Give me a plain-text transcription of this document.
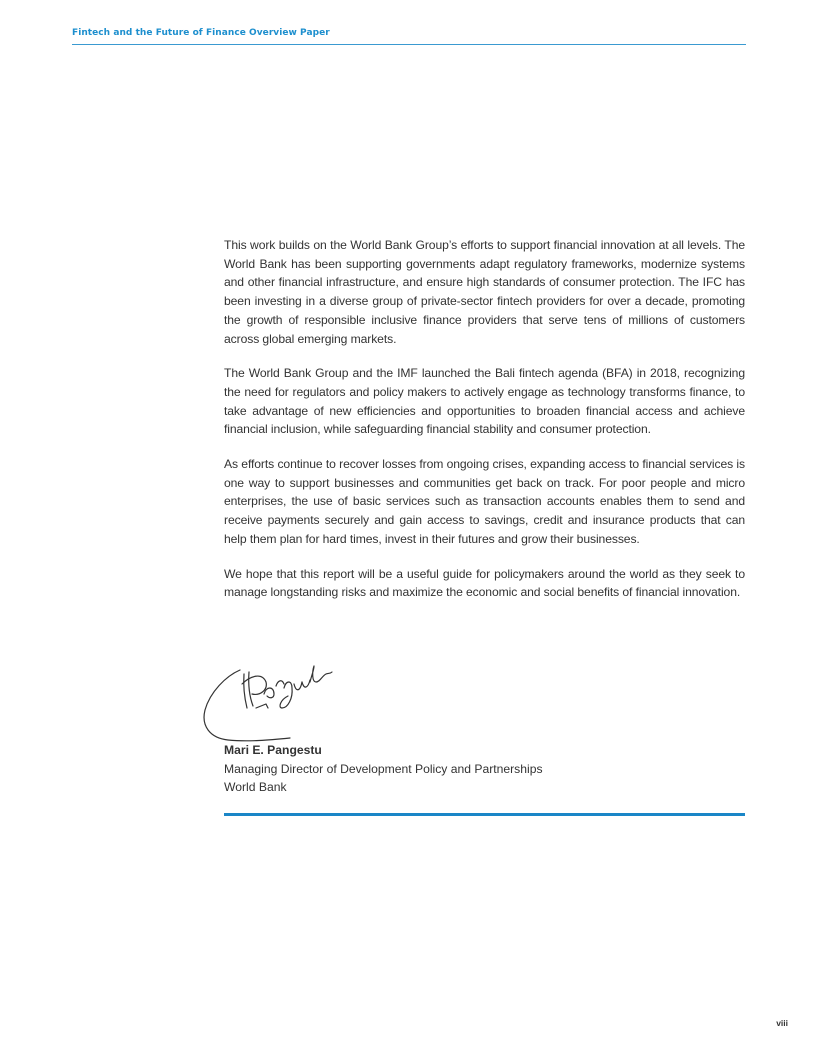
Fintech and the Future of Finance Overview Paper

This work builds on the World Bank Group’s efforts to support financial innovation at all levels. The World Bank has been supporting governments adapt regulatory frameworks, modernize systems and other financial infrastructure, and ensure high standards of consumer protection. The IFC has been investing in a diverse group of private-sector fintech providers for over a decade, promoting the growth of responsible inclusive finance providers that serve tens of millions of customers across global emerging markets.

The World Bank Group and the IMF launched the Bali fintech agenda (BFA) in 2018, recognizing the need for regulators and policy makers to actively engage as technology transforms finance, to take advantage of new efficiencies and opportunities to broaden financial access and achieve financial inclusion, while safeguarding financial stability and consumer protection.

As efforts continue to recover losses from ongoing crises, expanding access to financial services is one way to support businesses and communities get back on track. For poor people and micro enterprises, the use of basic services such as transaction accounts enables them to send and receive payments securely and gain access to savings, credit and insurance products that can help them plan for hard times, invest in their futures and grow their businesses.

We hope that this report will be a useful guide for policymakers around the world as they seek to manage longstanding risks and maximize the economic and social benefits of financial innovation.

Mari E. Pangestu
Managing Director of Development Policy and Partnerships
World Bank
viii
